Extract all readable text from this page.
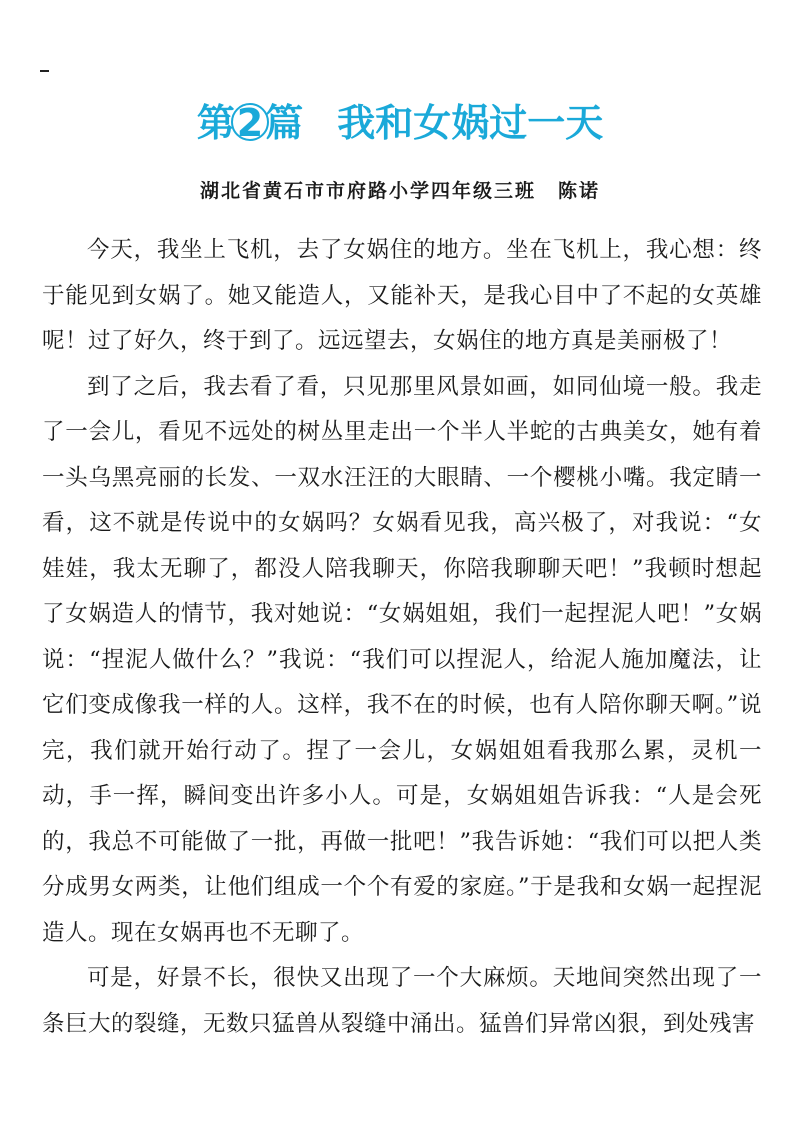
第2篇 我和女娲过一天
湖北省黄石市市府路小学四年级三班 陈诺

今天，我坐上飞机，去了女娲住的地方。坐在飞机上，我心想：终于能见到女娲了。她又能造人，又能补天，是我心目中了不起的女英雄呢！过了好久，终于到了。远远望去，女娲住的地方真是美丽极了！

到了之后，我去看了看，只见那里风景如画，如同仙境一般。我走了一会儿，看见不远处的树丛里走出一个半人半蛇的古典美女，她有着一头乌黑亮丽的长发、一双水汪汪的大眼睛、一个樱桃小嘴。我定睛一看，这不就是传说中的女娲吗？女娲看见我，高兴极了，对我说：“女娃娃，我太无聊了，都没人陪我聊天，你陪我聊聊天吧！”我顿时想起了女娲造人的情节，我对她说：“女娲姐姐，我们一起捏泥人吧！”女娲说：“捏泥人做什么？”我说：“我们可以捏泥人，给泥人施加魔法，让它们变成像我一样的人。这样，我不在的时候，也有人陪你聊天啊。”说完，我们就开始行动了。捏了一会儿，女娲姐姐看我那么累，灵机一动，手一挥，瞬间变出许多小人。可是，女娲姐姐告诉我：“人是会死的，我总不可能做了一批，再做一批吧！”我告诉她：“我们可以把人类分成男女两类，让他们组成一个个有爱的家庭。”于是我和女娲一起捏泥造人。现在女娲再也不无聊了。

可是，好景不长，很快又出现了一个大麻烦。天地间突然出现了一条巨大的裂缝，无数只猛兽从裂缝中涌出。猛兽们异常凶狠，到处残害
